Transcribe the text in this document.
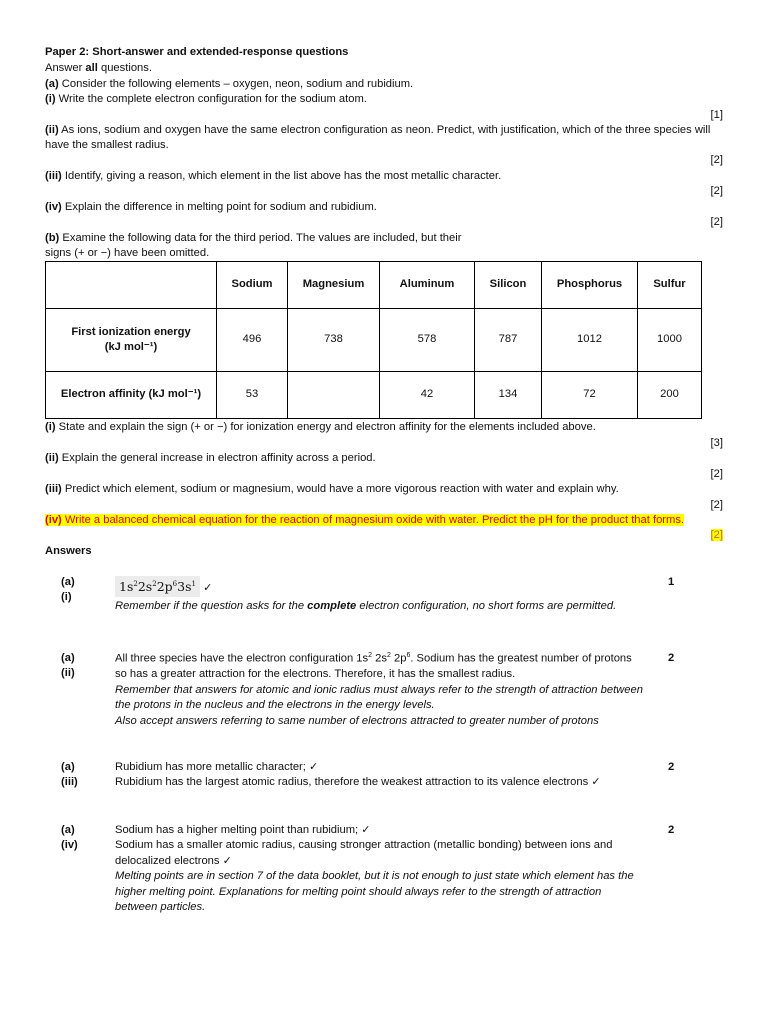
Paper 2: Short-answer and extended-response questions
Answer all questions.
(a) Consider the following elements – oxygen, neon, sodium and rubidium.
(i) Write the complete electron configuration for the sodium atom.
[1]
(ii) As ions, sodium and oxygen have the same electron configuration as neon. Predict, with justification, which of the three species will have the smallest radius.
[2]
(iii) Identify, giving a reason, which element in the list above has the most metallic character.
[2]
(iv) Explain the difference in melting point for sodium and rubidium.
[2]
(b) Examine the following data for the third period. The values are included, but their signs (+ or −) have been omitted.
	Sodium	Magnesium	Aluminum	Silicon	Phosphorus	Sulfur
First ionization energy
(kJ mol⁻¹)	496	738	578	787	1012	1000
Electron affinity (kJ mol⁻¹)	53		42	134	72	200
(i) State and explain the sign (+ or −) for ionization energy and electron affinity for the elements included above.
[3]
(ii) Explain the general increase in electron affinity across a period.
[2]
(iii) Predict which element, sodium or magnesium, would have a more vigorous reaction with water and explain why.
[2]
(iv) Write a balanced chemical equation for the reaction of magnesium oxide with water. Predict the pH for the product that forms.
[2]
Answers
(a)
(i)
$1s^22s^22p^63s^1$ ✓
Remember if the question asks for the complete electron configuration, no short forms are permitted.
1
(a)
(ii)
All three species have the electron configuration $1s^2$ $2s^2$ $2p^6$. Sodium has the greatest number of protons so has a greater attraction for the electrons. Therefore, it has the smallest radius.
Remember that answers for atomic and ionic radius must always refer to the strength of attraction between the protons in the nucleus and the electrons in the energy levels.
Also accept answers referring to same number of electrons attracted to greater number of protons
2
(a)
(iii)
Rubidium has more metallic character; ✓
Rubidium has the largest atomic radius, therefore the weakest attraction to its valence electrons ✓
2
(a)
(iv)
Sodium has a higher melting point than rubidium; ✓
Sodium has a smaller atomic radius, causing stronger attraction (metallic bonding) between ions and delocalized electrons ✓
Melting points are in section 7 of the data booklet, but it is not enough to just state which element has the higher melting point. Explanations for melting point should always refer to the strength of attraction between particles.
2
